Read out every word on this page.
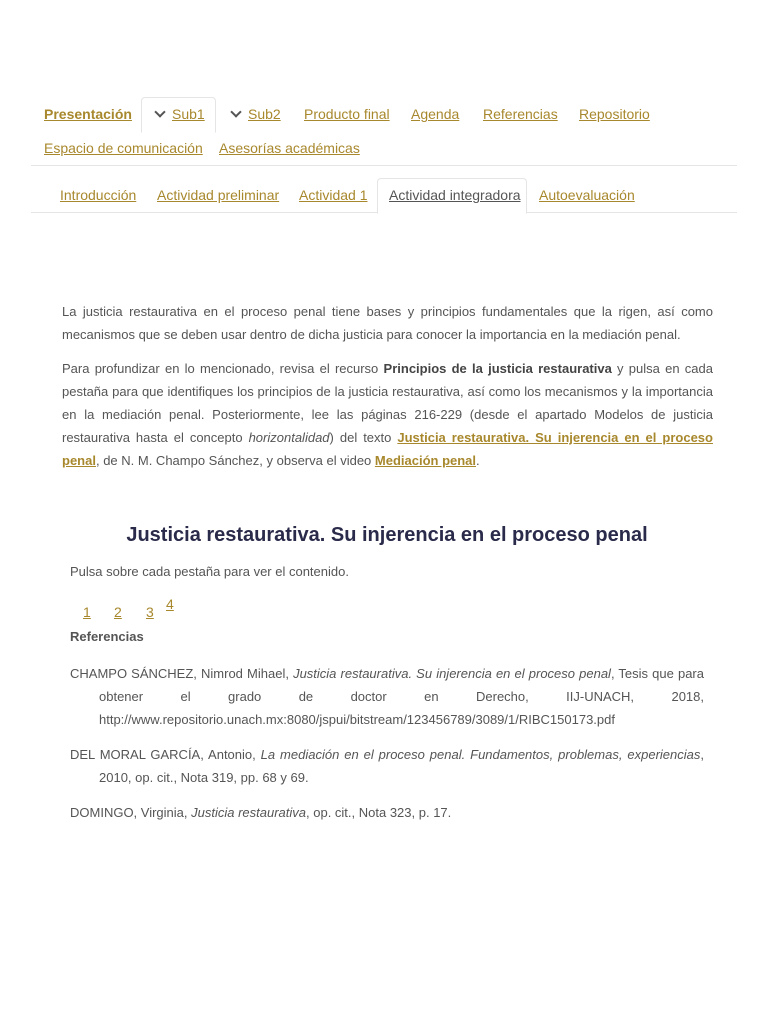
Presentación	Sub1	Sub2 Producto final Agenda Referencias Repositorio
Espacio de comunicación Asesorías académicas
Introducción Actividad preliminar Actividad 1 Actividad integradora Autoevaluación

La justicia restaurativa en el proceso penal tiene bases y principios fundamentales que la rigen, así como mecanismos que se deben usar dentro de dicha justicia para conocer la importancia en la mediación penal.

Para profundizar en lo mencionado, revisa el recurso Principios de la justicia restaurativa y pulsa en cada pestaña para que identifiques los principios de la justicia restaurativa, así como los mecanismos y la importancia en la mediación penal. Posteriormente, lee las páginas 216-229 (desde el apartado Modelos de justicia restaurativa hasta el concepto horizontalidad) del texto Justicia restaurativa. Su injerencia en el proceso penal, de N. M. Champo Sánchez, y observa el video Mediación penal.

Justicia restaurativa. Su injerencia en el proceso penal
Pulsa sobre cada pestaña para ver el contenido.
1 2 3 4
Referencias
CHAMPO SÁNCHEZ, Nimrod Mihael, Justicia restaurativa. Su injerencia en el proceso penal, Tesis que para obtener el grado de doctor en Derecho, IIJ-UNACH, 2018, http://www.repositorio.unach.mx:8080/jspui/bitstream/123456789/3089/1/RIBC150173.pdf
DEL MORAL GARCÍA, Antonio, La mediación en el proceso penal. Fundamentos, problemas, experiencias, 2010, op. cit., Nota 319, pp. 68 y 69.
DOMINGO, Virginia, Justicia restaurativa, op. cit., Nota 323, p. 17.
